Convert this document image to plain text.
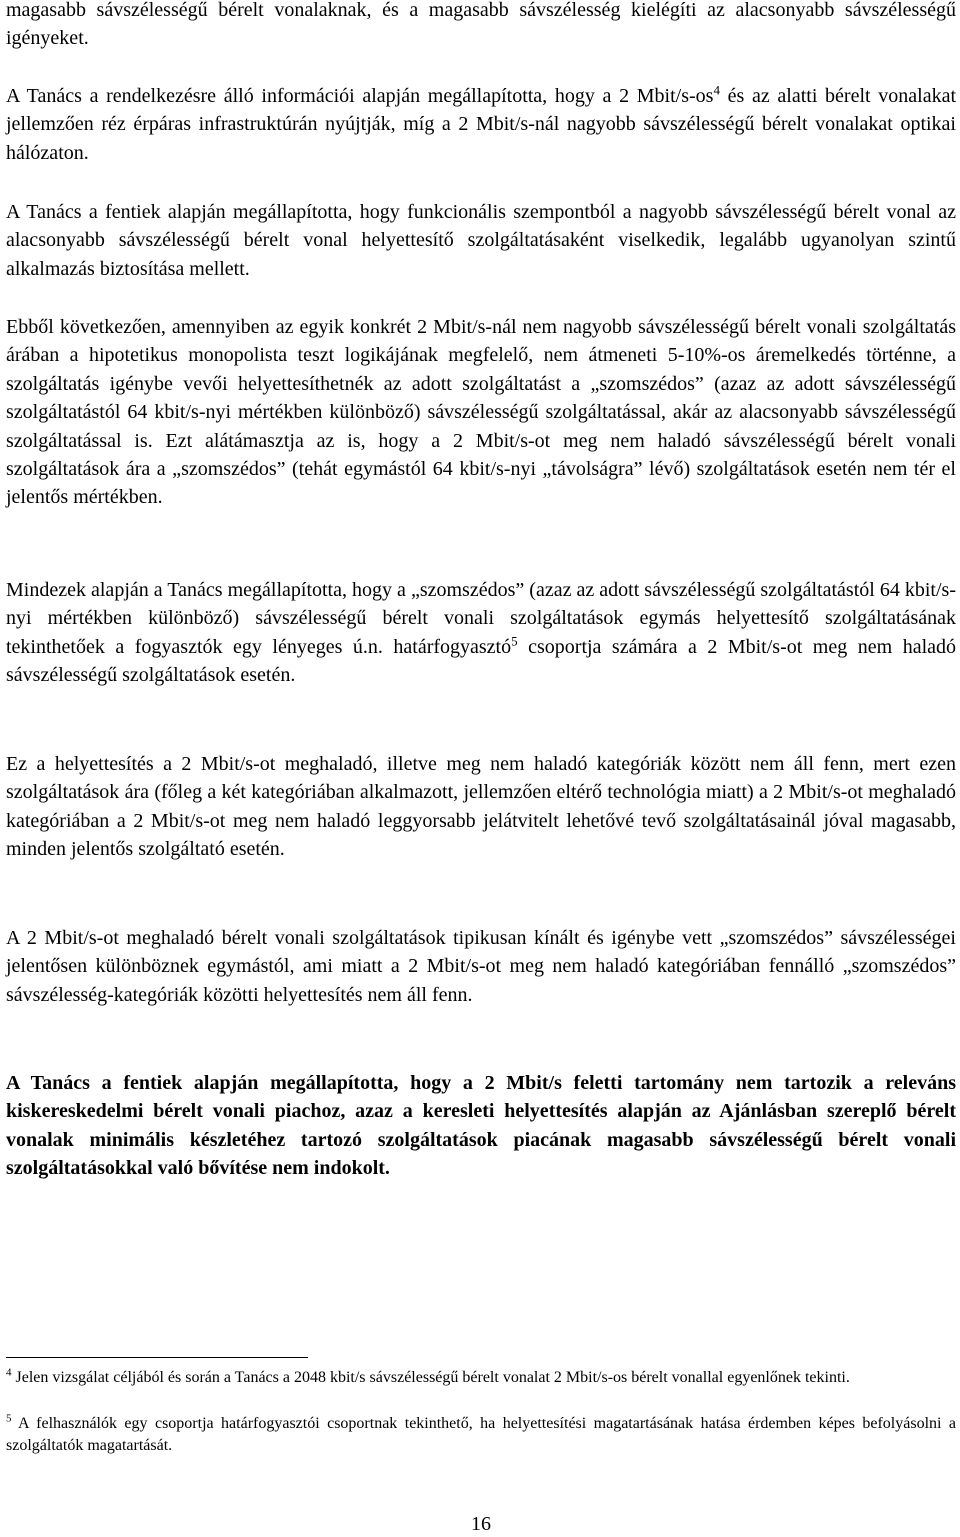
magasabb sávszélességű bérelt vonalaknak, és a magasabb sávszélesség kielégíti az alacsonyabb sávszélességű igényeket.

A Tanács a rendelkezésre álló információi alapján megállapította, hogy a 2 Mbit/s-os$^4$ és az alatti bérelt vonalakat jellemzően réz érpáras infrastruktúrán nyújtják, míg a 2 Mbit/s-nál nagyobb sávszélességű bérelt vonalakat optikai hálózaton.

A Tanács a fentiek alapján megállapította, hogy funkcionális szempontból a nagyobb sávszélességű bérelt vonal az alacsonyabb sávszélességű bérelt vonal helyettesítő szolgáltatásaként viselkedik, legalább ugyanolyan szintű alkalmazás biztosítása mellett.

Ebből következően, amennyiben az egyik konkrét 2 Mbit/s-nál nem nagyobb sávszélességű bérelt vonali szolgáltatás árában a hipotetikus monopolista teszt logikájának megfelelő, nem átmeneti 5-10%-os áremelkedés történne, a szolgáltatás igénybe vevői helyettesíthetnék az adott szolgáltatást a „szomszédos” (azaz az adott sávszélességű szolgáltatástól 64 kbit/s-nyi mértékben különböző) sávszélességű szolgáltatással, akár az alacsonyabb sávszélességű szolgáltatással is. Ezt alátámasztja az is, hogy a 2 Mbit/s-ot meg nem haladó sávszélességű bérelt vonali szolgáltatások ára a „szomszédos” (tehát egymástól 64 kbit/s-nyi „távolságra” lévő) szolgáltatások esetén nem tér el jelentős mértékben.

Mindezek alapján a Tanács megállapította, hogy a „szomszédos” (azaz az adott sávszélességű szolgáltatástól 64 kbit/s-nyi mértékben különböző) sávszélességű bérelt vonali szolgáltatások egymás helyettesítő szolgáltatásának tekinthetőek a fogyasztók egy lényeges ú.n. határfogyasztó$^5$ csoportja számára a 2 Mbit/s-ot meg nem haladó sávszélességű szolgáltatások esetén.

Ez a helyettesítés a 2 Mbit/s-ot meghaladó, illetve meg nem haladó kategóriák között nem áll fenn, mert ezen szolgáltatások ára (főleg a két kategóriában alkalmazott, jellemzően eltérő technológia miatt) a 2 Mbit/s-ot meghaladó kategóriában a 2 Mbit/s-ot meg nem haladó leggyorsabb jelátvitelt lehetővé tevő szolgáltatásainál jóval magasabb, minden jelentős szolgáltató esetén.

A 2 Mbit/s-ot meghaladó bérelt vonali szolgáltatások tipikusan kínált és igénybe vett „szomszédos” sávszélességei jelentősen különböznek egymástól, ami miatt a 2 Mbit/s-ot meg nem haladó kategóriában fennálló „szomszédos” sávszélesség-kategóriák közötti helyettesítés nem áll fenn.

A Tanács a fentiek alapján megállapította, hogy a 2 Mbit/s feletti tartomány nem tartozik a releváns kiskereskedelmi bérelt vonali piachoz, azaz a keresleti helyettesítés alapján az Ajánlásban szereplő bérelt vonalak minimális készletéhez tartozó szolgáltatások piacának magasabb sávszélességű bérelt vonali szolgáltatásokkal való bővítése nem indokolt.

$^4$ Jelen vizsgálat céljából és során a Tanács a 2048 kbit/s sávszélességű bérelt vonalat 2 Mbit/s-os bérelt vonallal egyenlőnek tekinti.

$^5$ A felhasználók egy csoportja határfogyasztói csoportnak tekinthető, ha helyettesítési magatartásának hatása érdemben képes befolyásolni a szolgáltatók magatartását.

16
